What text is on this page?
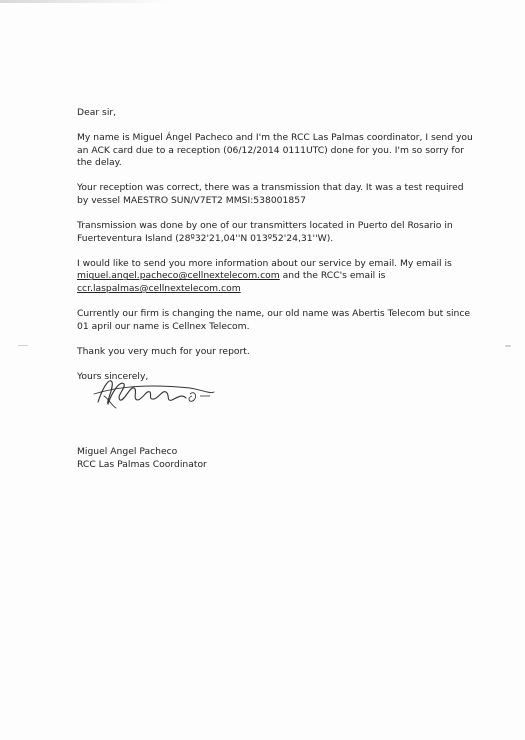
Dear sir,

My name is Miguel Ángel Pacheco and I'm the RCC Las Palmas coordinator, I send you an ACK card due to a reception (06/12/2014 0111UTC) done for you. I'm so sorry for the delay.

Your reception was correct, there was a transmission that day. It was a test required by vessel MAESTRO SUN/V7ET2 MMSI:538001857

Transmission was done by one of our transmitters located in Puerto del Rosario in Fuerteventura Island (28º32'21,04''N 013º52'24,31''W).

I would like to send you more information about our service by email. My email is
miguel.angel.pacheco@cellnextelecom.com and the RCC's email is
ccr.laspalmas@cellnextelecom.com

Currently our firm is changing the name, our old name was Abertis Telecom but since 01 april our name is Cellnex Telecom.

Thank you very much for your report.

Yours sincerely,

Miguel Angel Pacheco
RCC Las Palmas Coordinator
